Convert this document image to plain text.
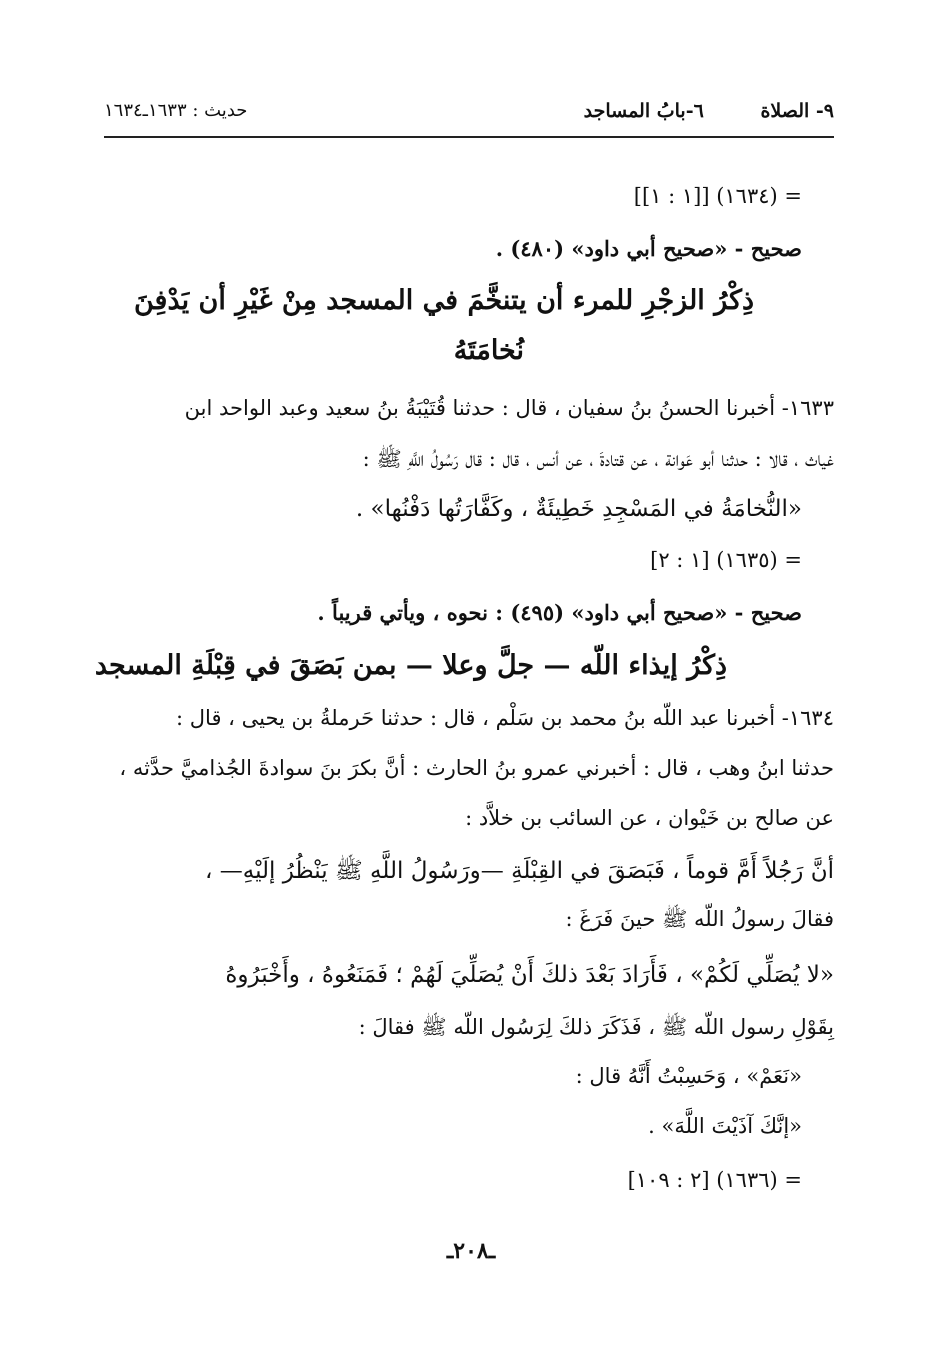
٩- الصلاة ٦-بابُ المساجد
حديث : ١٦٣٣ـ١٦٣٤
= (١٦٣٤) [[١ : ١]]
صحيح - «صحيح أبي داود» (٤٨٠) .
ذِكْرُ الزجْرِ للمرء أن يتنخَّمَ في المسجد مِنْ غَيْرِ أن يَدْفِنَ
نُخامَتَهُ
١٦٣٣- أخبرنا الحسنُ بنُ سفيان ، قال : حدثنا قُتَيْبَةُ بنُ سعيد وعبد الواحد ابن
غياث ، قالا : حدثنا أبو عَوانة ، عن قتادةَ ، عن أنس ، قال : قال رَسُولُ اللَّهِ ﷺ :
«النُّخامَةُ في المَسْجِدِ خَطِيئَةٌ ، وكَفَّارَتُها دَفْنُها» .
= (١٦٣٥) [١ : ٢]
صحيح - «صحيح أبي داود» (٤٩٥) : نحوه ، ويأتي قريباً .
ذِكْرُ إيذاء اللّه — جلَّ وعلا — بمن بَصَقَ في قِبْلَةِ المسجد
١٦٣٤- أخبرنا عبد اللّه بنُ محمد بن سَلْم ، قال : حدثنا حَرملةُ بن يحيى ، قال :
حدثنا ابنُ وهب ، قال : أخبرني عمرو بنُ الحارث : أنَّ بكرَ بنَ سوادةَ الجُذاميَّ حدَّثه ،
عن صالح بن خَيْوان ، عن السائب بن خلاَّد :
أنَّ رَجُلاً أَمَّ قوماً ، فَبَصَقَ في القِبْلَةِ —ورَسُولُ اللَّهِ ﷺ يَنْظُرُ إلَيْهِ— ،
فقالَ رسولُ اللّه ﷺ حينَ فَرَغَ :
«لا يُصَلِّي لَكُمْ» ، فَأَرَادَ بَعْدَ ذلكَ أَنْ يُصَلِّيَ لَهُمْ ؛ فَمَنَعُوهُ ، وأَخْبَرُوهُ
بِقَوْلِ رسول اللّه ﷺ ، فَذَكَرَ ذلكَ لِرَسُول اللّه ﷺ فقالَ :
«نَعَمْ» ، وَحَسِبْتُ أَنَّهُ قال :
«إنَّكَ آذَيْتَ اللَّهَ» .
= (١٦٣٦) [٢ : ١٠٩]
ـ٢٠٨ـ
